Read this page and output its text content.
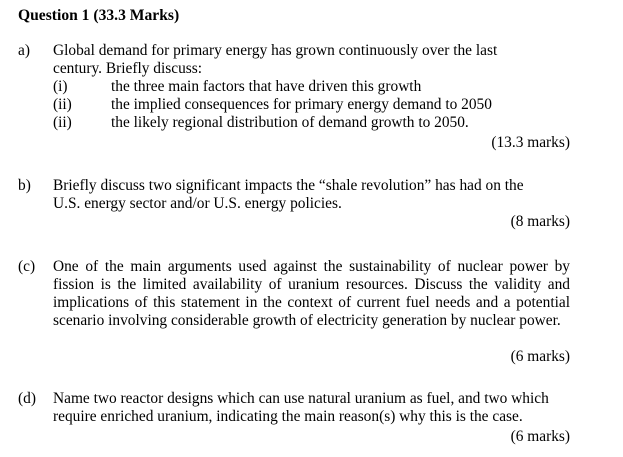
Question 1 (33.3 Marks)
a) Global demand for primary energy has grown continuously over the last
century. Briefly discuss:
(i)	the three main factors that have driven this growth
(ii)	the implied consequences for primary energy demand to 2050
(ii)	the likely regional distribution of demand growth to 2050.
(13.3 marks)
b) Briefly discuss two significant impacts the “shale revolution” has had on the
U.S. energy sector and/or U.S. energy policies.
(8 marks)
(c) One of the main arguments used against the sustainability of nuclear power by fission is the limited availability of uranium resources. Discuss the validity and implications of this statement in the context of current fuel needs and a potential scenario involving considerable growth of electricity generation by nuclear power.
(6 marks)
(d) Name two reactor designs which can use natural uranium as fuel, and two which
require enriched uranium, indicating the main reason(s) why this is the case.
(6 marks)
